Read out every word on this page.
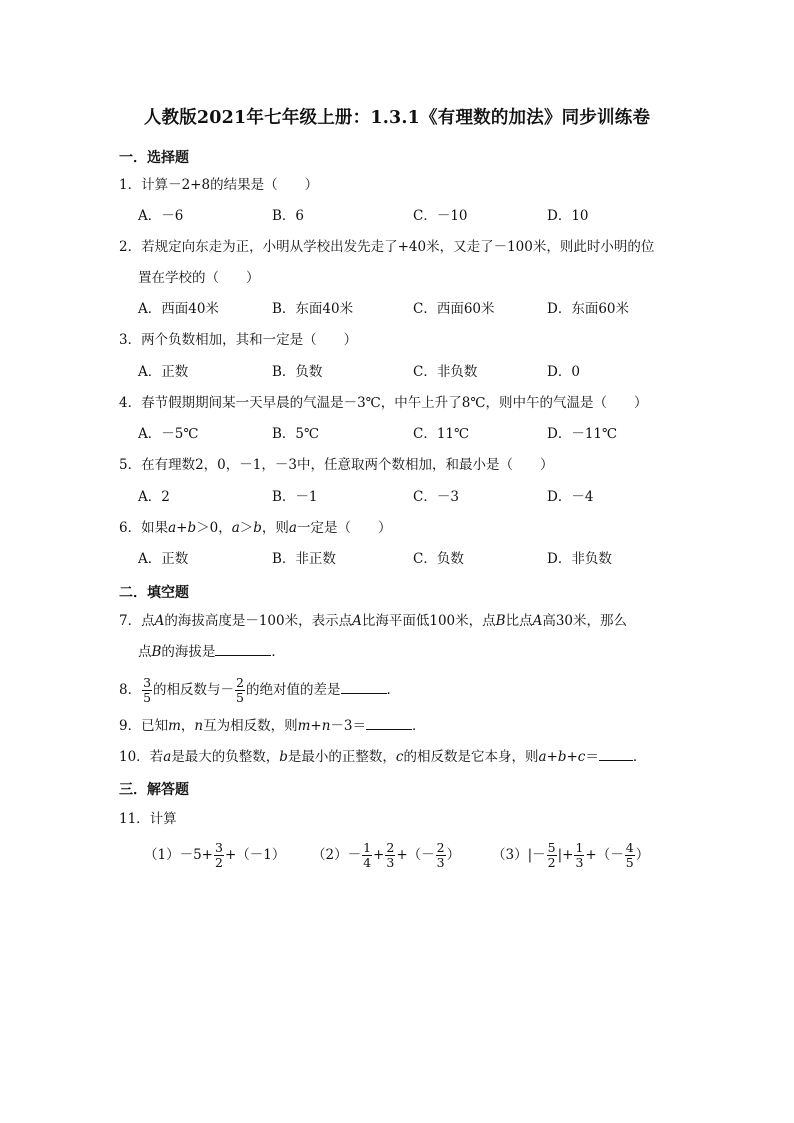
人教版2021年七年级上册：1.3.1《有理数的加法》同步训练卷
一．选择题
1．计算－2+8的结果是（　　）
A．－6	B．6	C．－10	D．10
2．若规定向东走为正，小明从学校出发先走了+40米，又走了－100米，则此时小明的位
置在学校的（　　）
A．西面40米	B．东面40米	C．西面60米	D．东面60米
3．两个负数相加，其和一定是（　　）
A．正数	B．负数	C．非负数	D．0
4．春节假期期间某一天早晨的气温是－3℃，中午上升了8℃，则中午的气温是（　　）
A．－5℃	B．5℃	C．11℃	D．－11℃
5．在有理数2，0，－1，－3中，任意取两个数相加，和最小是（　　）
A．2	B．－1	C．－3	D．－4
6．如果a+b＞0，a＞b，则a一定是（　　）
A．正数	B．非正数	C．负数	D．非负数
二．填空题
7．点A的海拔高度是－100米，表示点A比海平面低100米，点B比点A高30米，那么
点B的海拔是	．
8． $\frac{3}{5}$ 的相反数与－ $\frac{2}{5}$ 的绝对值的差是	．
9．已知m，n互为相反数，则m+n－3＝	．
10．若a是最大的负整数，b是最小的正整数，c的相反数是它本身，则a+b+c＝	．
三．解答题
11．计算
$(1)-5+ \frac{3}{2} +(-1)$ $(2)- \frac{1}{4} + \frac{2}{3}$ +（－ $\frac{2}{3}$ ） $(3)|- \frac{5}{2}$ |+ $\frac{1}{3}$ +（－ $\frac{4}{5}$ ）
